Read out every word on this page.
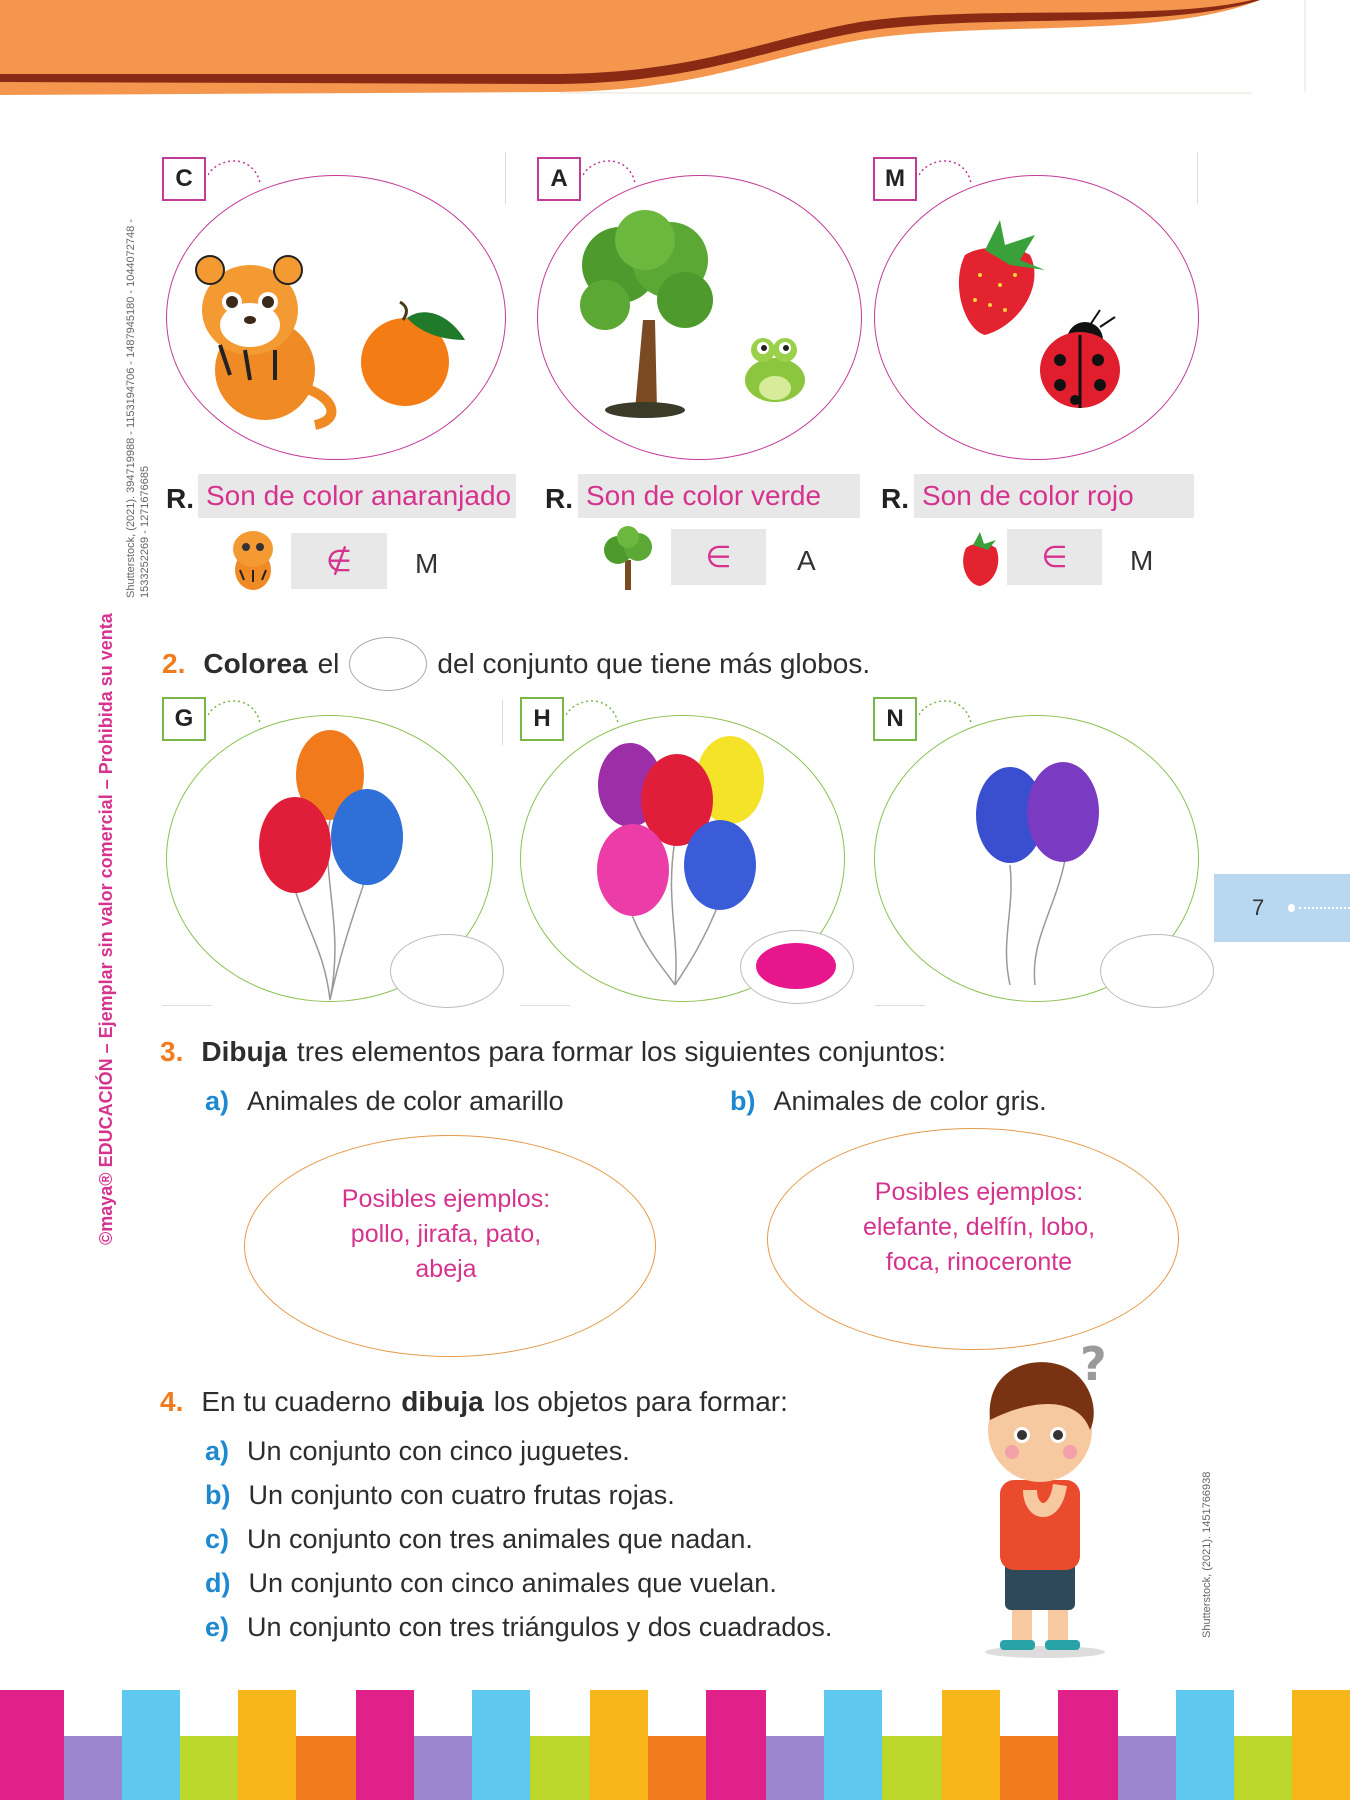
©maya® EDUCACIÓN – Ejemplar sin valor comercial – Prohibida su venta
Shutterstock, (2021). 394719988 - 1153194706 - 1487945180 - 1044072748 - 1533252269 - 1271676685
Shutterstock, (2021). 1451766938
C
R. Son de color anaranjado
∉	M
A
R. Son de color verde
∈	A
M
R. Son de color rojo
∈	M
2. Colorea el	del conjunto que tiene más globos.
G	H	N
7
3. Dibuja tres elementos para formar los siguientes conjuntos:
a) Animales de color amarillo	b) Animales de color gris.
Posibles ejemplos:
pollo, jirafa, pato,
abeja
Posibles ejemplos:
elefante, delfín, lobo,
foca, rinoceronte
4. En tu cuaderno dibuja los objetos para formar:
a) Un conjunto con cinco juguetes.
b) Un conjunto con cuatro frutas rojas.
c) Un conjunto con tres animales que nadan.
d) Un conjunto con cinco animales que vuelan.
e) Un conjunto con tres triángulos y dos cuadrados.
?
